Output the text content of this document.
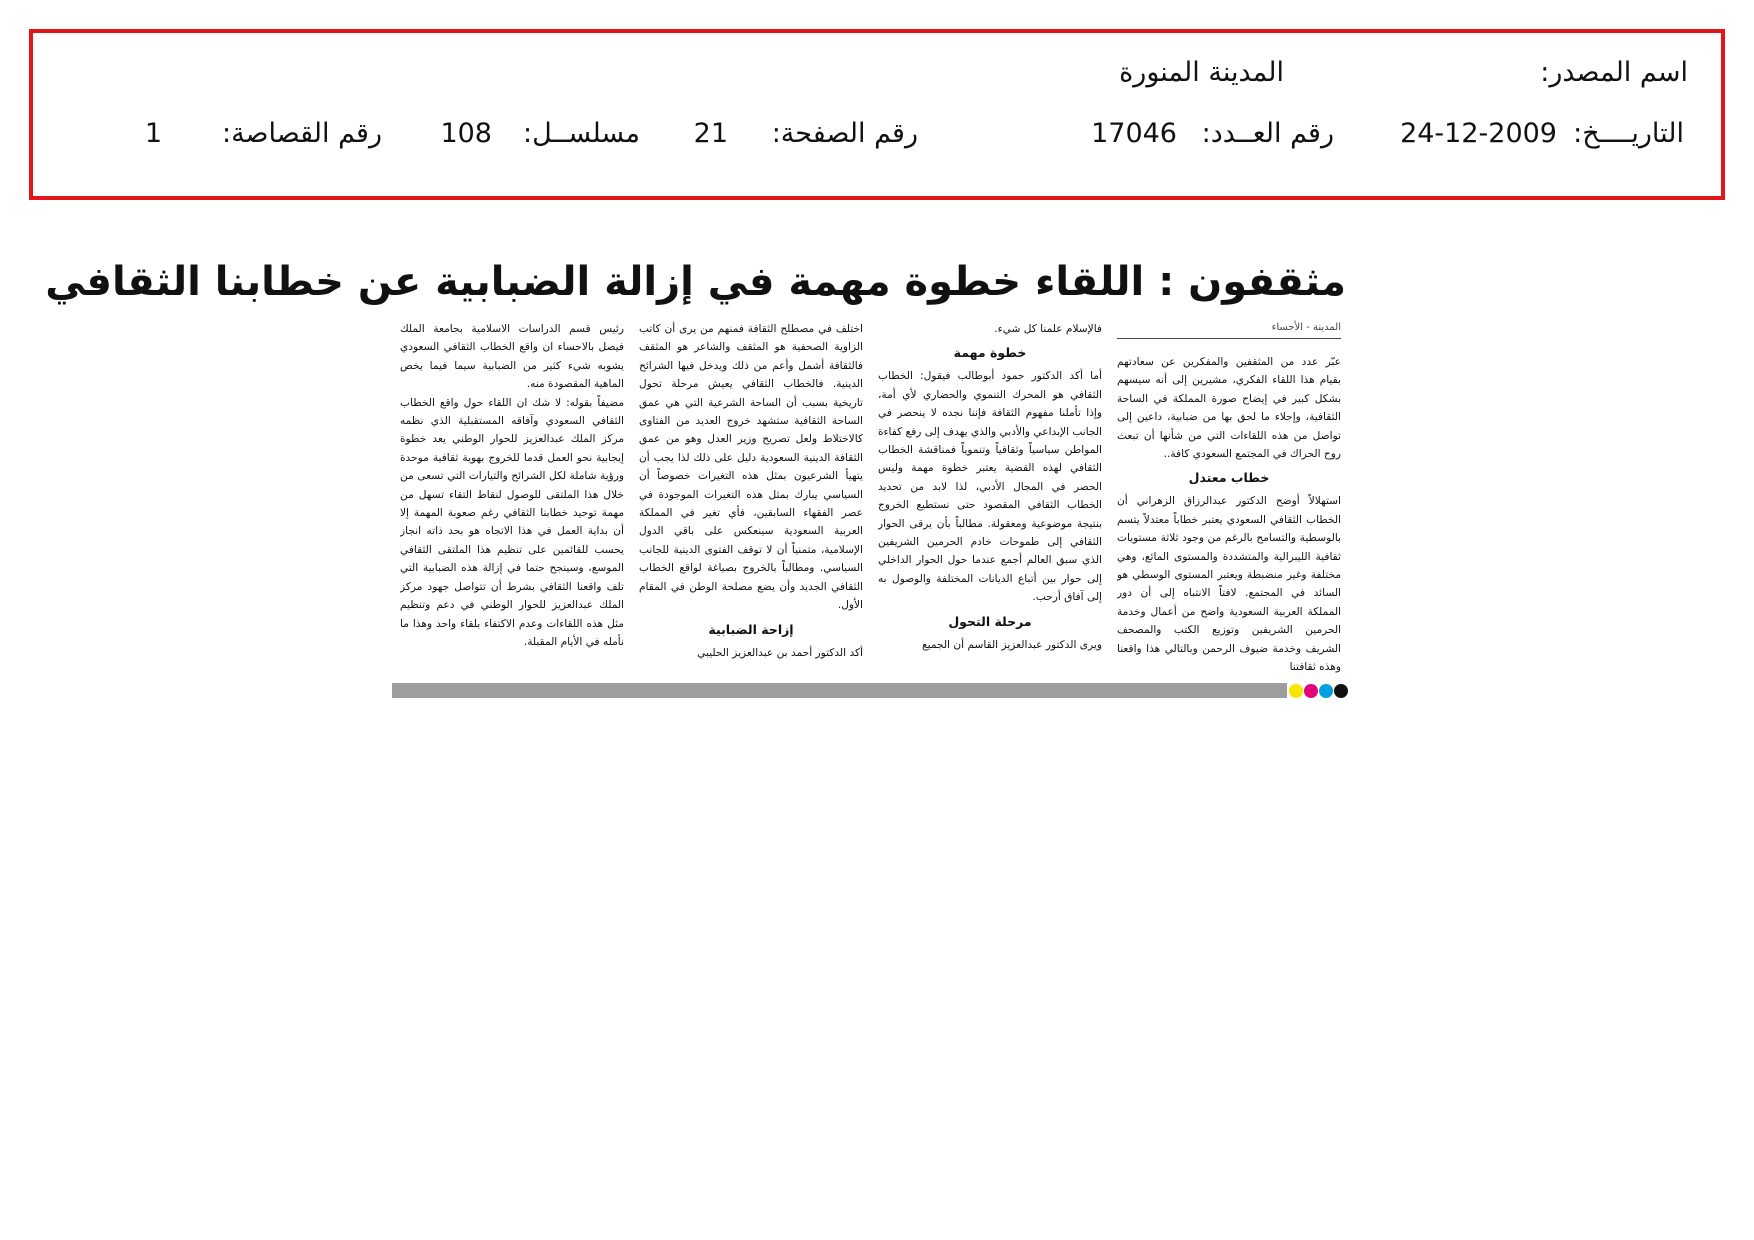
اسم المصدر:
المدينة المنورة
التاريــــخ:
24-12-2009
رقم العــدد:
17046
رقم الصفحة:
21
مسلســل:
108
رقم القصاصة:
1
مثقفون : اللقاء خطوة مهمة في إزالة الضبابية عن خطابنا الثقافي
المدينة - الأحساء

عبّر عدد من المثقفين والمفكرين عن سعادتهم بقيام هذا اللقاء الفكري، مشيرين إلى أنه سيسهم بشكل كبير في إيضاح صورة المملكة في الساحة الثقافية، وإجلاء ما لحق بها من ضبابية، داعين إلى تواصل من هذه اللقاءات التي من شأنها أن تبعث روح الحراك في المجتمع السعودي كافة..

خطاب معتدل

استهلالاً أوضح الدكتور عبدالرزاق الزهراني أن الخطاب الثقافي السعودي يعتبر خطاباً معتدلاً يتسم بالوسطية والتسامح بالرغم من وجود ثلاثة مستويات ثقافية الليبرالية والمتشددة والمستوى المائع، وهي مختلفة وغير منضبطة ويعتبر المستوى الوسطي هو السائد في المجتمع. لافتاً الانتباه إلى أن دور المملكة العربية السعودية واضح من أعمال وخدمة الحرمين الشريفين وتوزيع الكتب والمصحف الشريف وخدمة ضيوف الرحمن وبالتالي هذا واقعنا وهذه ثقافتنا

فالإسلام علمنا كل شيء.

خطوة مهمة

أما أكد الدكتور حمود أبوطالب فيقول: الخطاب الثقافي هو المحرك التنموي والحضاري لأي أمة، وإذا تأملنا مفهوم الثقافة فإننا نجده لا ينحصر في الجانب الإبداعي والأدبي والذي يهدف إلى رفع كفاءة المواطن سياسياً وثقافياً وتنموياً فمناقشة الخطاب الثقافي لهذه القضية يعتبر خطوة مهمة وليس الحصر في المجال الأدبي، لذا لابد من تحديد الخطاب الثقافي المقصود حتى نستطيع الخروج بنتيجة موضوعية ومعقولة. مطالباً بأن يرقى الحوار الثقافي إلى طموحات خادم الحرمين الشريفين الذي سبق العالم أجمع عندما حول الحوار الداخلي إلى حوار بين أتباع الديانات المختلفة والوصول به إلى آفاق أرحب.

مرحلة التحول

ويرى الدكتور عبدالعزيز القاسم أن الجميع

اختلف في مصطلح الثقافة فمنهم من يرى أن كاتب الزاوية الصحفية هو المثقف والشاعر هو المثقف فالثقافة أشمل وأعم من ذلك ويدخل فيها الشرائح الدينية. فالخطاب الثقافي يعيش مرحلة تحول تاريخية بسبب أن الساحة الشرعية التي هي عمق الساحة الثقافية ستشهد خروج العديد من الفتاوى كالاختلاط ولعل تصريح وزير العدل وهو من عمق الثقافة الدينية السعودية دليل على ذلك لذا يجب أن يتهيأ الشرعيون بمثل هذه التغيرات خصوصاً أن السياسي يبارك بمثل هذه التغيرات الموجودة في عصر الفقهاء السابقين، فأي تغير في المملكة العربية السعودية سينعكس على باقي الدول الإسلامية، متمنياً أن لا توقف الفتوى الدينية للجانب السياسي. ومطالباً بالخروج بصياغة لواقع الخطاب الثقافي الجديد وأن يضع مصلحة الوطن في المقام الأول.

إزاحة الضبابية

أكد الدكتور أحمد بن عبدالعزيز الحليبي

رئيس قسم الدراسات الاسلامية بجامعة الملك فيصل بالاحساء ان واقع الخطاب الثقافي السعودي يشوبه شيء كثير من الضبابية سيما فيما يخص الماهية المقصودة منه.

مضيفاً بقوله: لا شك ان اللقاء حول واقع الخطاب الثقافي السعودي وآفاقه المستقبلية الذي نظمه مركز الملك عبدالعزيز للحوار الوطني يعد خطوة إيجابية نحو العمل قدما للخروج بهوية ثقافية موحدة ورؤية شاملة لكل الشرائح والتيارات التي تسعى من خلال هذا الملتقى للوصول لنقاط التقاء تسهل من مهمة توحيد خطابنا الثقافي رغم صعوبة المهمة إلا أن بداية العمل في هذا الاتجاه هو بحد ذاته انجاز يحسب للقائمين على تنظيم هذا الملتقى الثقافي الموسع، وسينجح حتما في إزالة هذه الضبابية التي تلف واقعنا الثقافي بشرط أن تتواصل جهود مركز الملك عبدالعزيز للحوار الوطني في دعم وتنظيم مثل هذه اللقاءات وعدم الاكتفاء بلقاء واحد وهذا ما نأمله في الأيام المقبلة.
